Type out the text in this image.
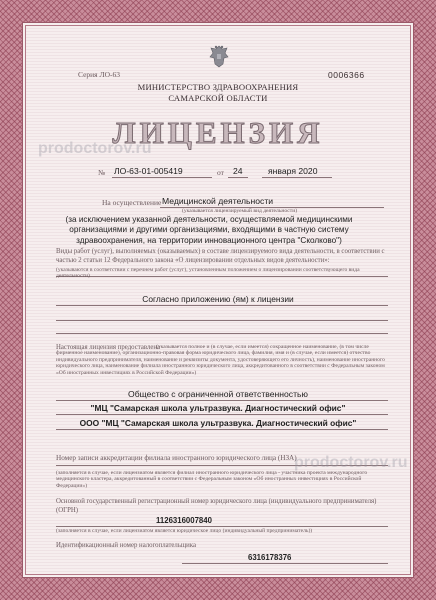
Серия ЛО-63	0006366
МИНИСТЕРСТВО ЗДРАВООХРАНЕНИЯ
САМАРСКОЙ ОБЛАСТИ
ЛИЦЕНЗИЯ
prodoctorov.ru
№ ЛО-63-01-005419	от 24	января 2020
На осуществление Медицинской деятельности
(указывается лицензируемый вид деятельности)
(за исключением указанной деятельности, осуществляемой медицинскими организациями и другими организациями, входящими в частную систему здравоохранения, на территории инновационного центра "Сколково")
Виды работ (услуг), выполняемых (оказываемых) в составе лицензируемого вида деятельности, в соответствии с частью 2 статьи 12 Федерального закона «О лицензировании отдельных видов деятельности»:
(указываются в соответствии с перечнем работ (услуг), установленным положением о лицензировании соответствующего вида деятельности)
Согласно приложению (ям) к лицензии
Настоящая лицензия предоставлена
(указывается полное и (в случае, если имеется) сокращенное наименование, (в том числе фирменное наименование), организационно-правовая форма юридического лица, фамилия, имя и (в случае, если имеется) отчество индивидуального предпринимателя, наименование и реквизиты документа, удостоверяющего его личность), наименование иностранного юридического лица, наименование филиала иностранного юридического лица, аккредитованного в соответствии с Федеральным законом «Об иностранных инвестициях в Российской Федерации»)
Общество с ограниченной ответственностью
"МЦ "Самарская школа ультразвука. Диагностический офис"
ООО "МЦ "Самарская школа ультразвука. Диагностический офис"
Номер записи аккредитации филиала иностранного юридического лица (НЗА)
prodoctorov.ru
(заполняется в случае, если лицензиатом является филиал иностранного юридического лица - участника проекта международного медицинского кластера, аккредитованный в соответствии с Федеральным законом «Об иностранных инвестициях в Российской Федерации»)
Основной государственный регистрационный номер юридического лица (индивидуального предпринимателя) (ОГРН)
1126316007840
(заполняется в случае, если лицензиатом является юридическое лицо (индивидуальный предприниматель))
Идентификационный номер налогоплательщика
6316178376
